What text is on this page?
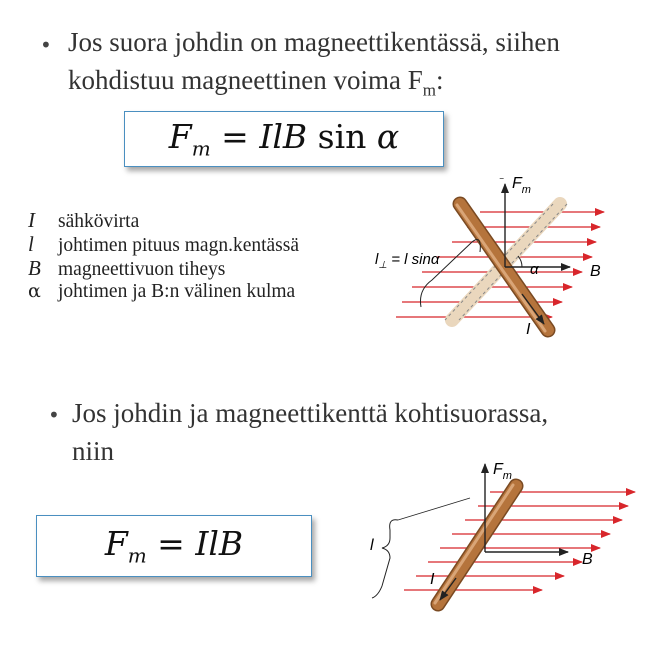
• Jos suora johdin on magneettikentässä, siihen
kohdistuu magneettinen voima $F_m$:
$F_m$ = IlB sin α
I	sähkövirta
l	johtimen pituus magn.kentässä
B magneettivuon tiheys
α johtimen ja B:n välinen kulma
$F_m$
‾
$l_\perp = l$ sinα
α	B
I
• Jos johdin ja magneettikenttä kohtisuorassa,
niin
$F_m$ = IlB
$F_m$
l
B
I
